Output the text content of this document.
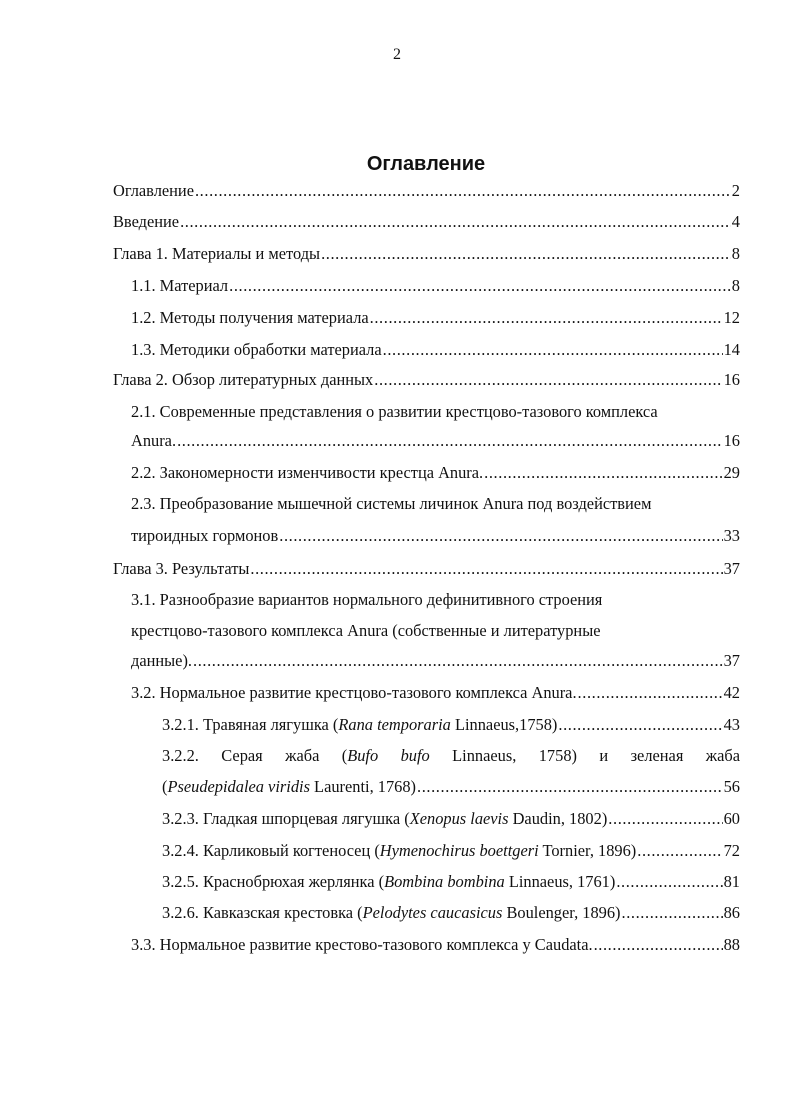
2
Оглавление
Оглавление .....	2
Введение .....	4
Глава 1. Материалы и методы .....	8
1.1. Материал .....	8
1.2. Методы получения материала .....	12
1.3. Методики обработки материала .....	14
Глава 2. Обзор литературных данных .....	16
2.1. Современные представления о развитии крестцово-тазового комплекса
Anura. .....	16
2.2. Закономерности изменчивости крестца Anura. .....	29
2.3. Преобразование мышечной системы личинок Anura под воздействием
тироидных гормонов .....	33
Глава 3. Результаты .....	37
3.1. Разнообразие вариантов нормального дефинитивного строения
крестцово-тазового комплекса Anura (собственные и литературные
данные). .....	37
3.2. Нормальное развитие крестцово-тазового комплекса Anura. .....	42
3.2.1. Травяная лягушка (Rana temporaria Linnaeus,1758) .....	43
3.2.2. Серая жаба (Bufo bufo Linnaeus, 1758) и зеленая жаба
(Pseudepidalea viridis Laurenti, 1768) .....	56
3.2.3. Гладкая шпорцевая лягушка (Xenopus laevis Daudin, 1802) .....	60
3.2.4. Карликовый когтеносец (Hymenochirus boettgeri Tornier, 1896) .....	72
3.2.5. Краснобрюхая жерлянка (Bombina bombina Linnaeus, 1761) .....	81
3.2.6. Кавказская крестовка (Pelodytes caucasicus Boulenger, 1896) .....	86
3.3. Нормальное развитие крестово-тазового комплекса у Caudata. .....	88
